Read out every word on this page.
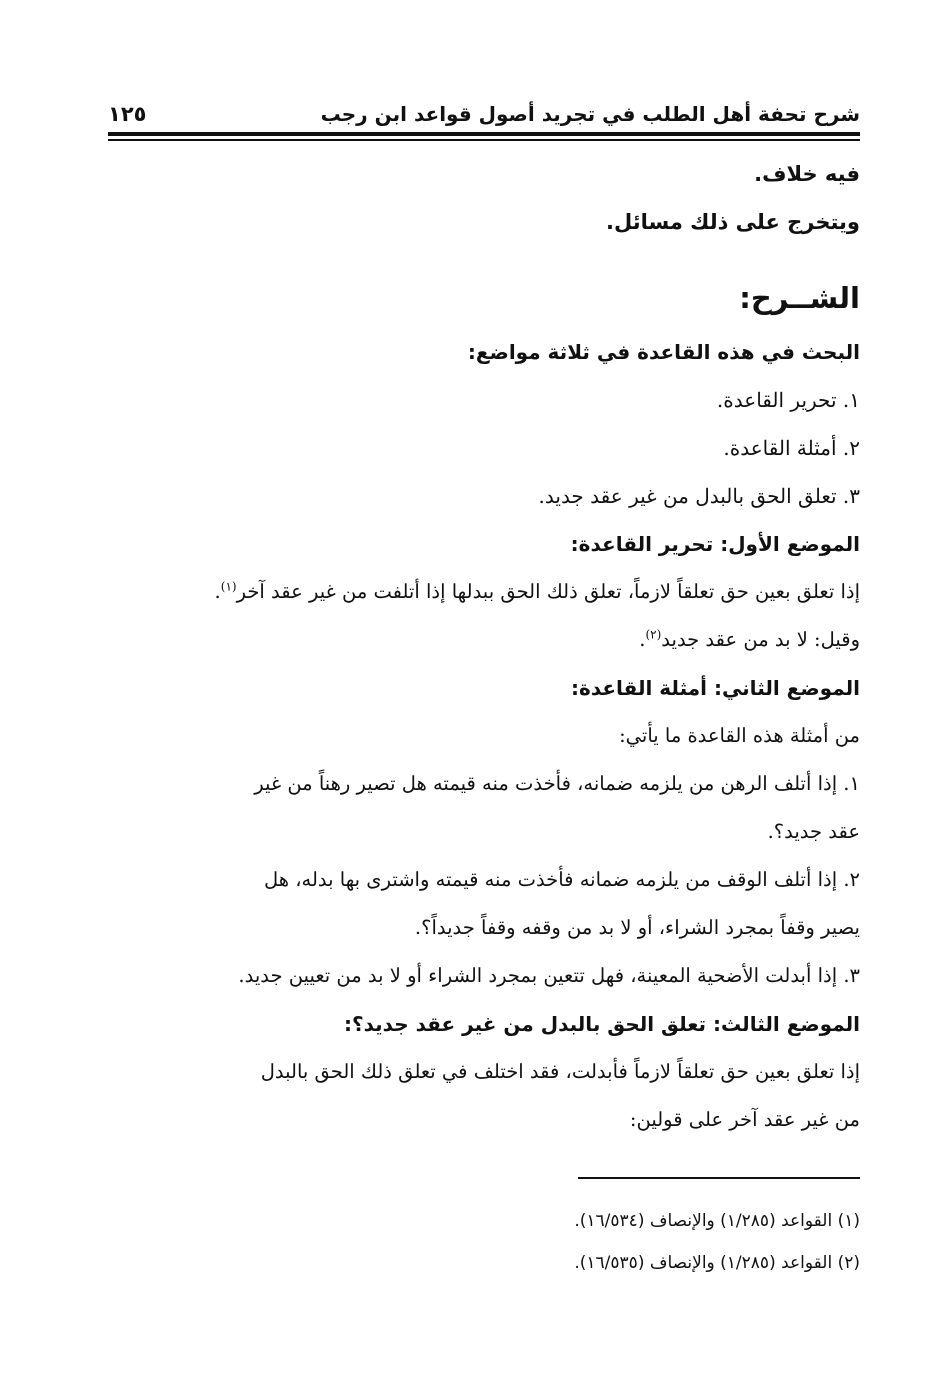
شرح تحفة أهل الطلب في تجريد أصول قواعد ابن رجب
١٢٥

فيه خلاف.

ويتخرج على ذلك مسائل.

الشــرح:

البحث في هذه القاعدة في ثلاثة مواضع:

١. تحرير القاعدة.

٢. أمثلة القاعدة.

٣. تعلق الحق بالبدل من غير عقد جديد.

الموضع الأول: تحرير القاعدة:

إذا تعلق بعين حق تعلقاً لازماً، تعلق ذلك الحق ببدلها إذا أتلفت من غير عقد آخر$^{(١)}$.

وقيل: لا بد من عقد جديد$^{(٢)}$.

الموضع الثاني: أمثلة القاعدة:

من أمثلة هذه القاعدة ما يأتي:

١. إذا أتلف الرهن من يلزمه ضمانه، فأخذت منه قيمته هل تصير رهناً من غير

عقد جديد؟.

٢. إذا أتلف الوقف من يلزمه ضمانه فأخذت منه قيمته واشترى بها بدله، هل

يصير وقفاً بمجرد الشراء، أو لا بد من وقفه وقفاً جديداً؟.

٣. إذا أبدلت الأضحية المعينة، فهل تتعين بمجرد الشراء أو لا بد من تعيين جديد.

الموضع الثالث: تعلق الحق بالبدل من غير عقد جديد؟:

إذا تعلق بعين حق تعلقاً لازماً فأبدلت، فقد اختلف في تعلق ذلك الحق بالبدل

من غير عقد آخر على قولين:

(١) القواعد (١/٢٨٥) والإنصاف (١٦/٥٣٤).

(٢) القواعد (١/٢٨٥) والإنصاف (١٦/٥٣٥).
